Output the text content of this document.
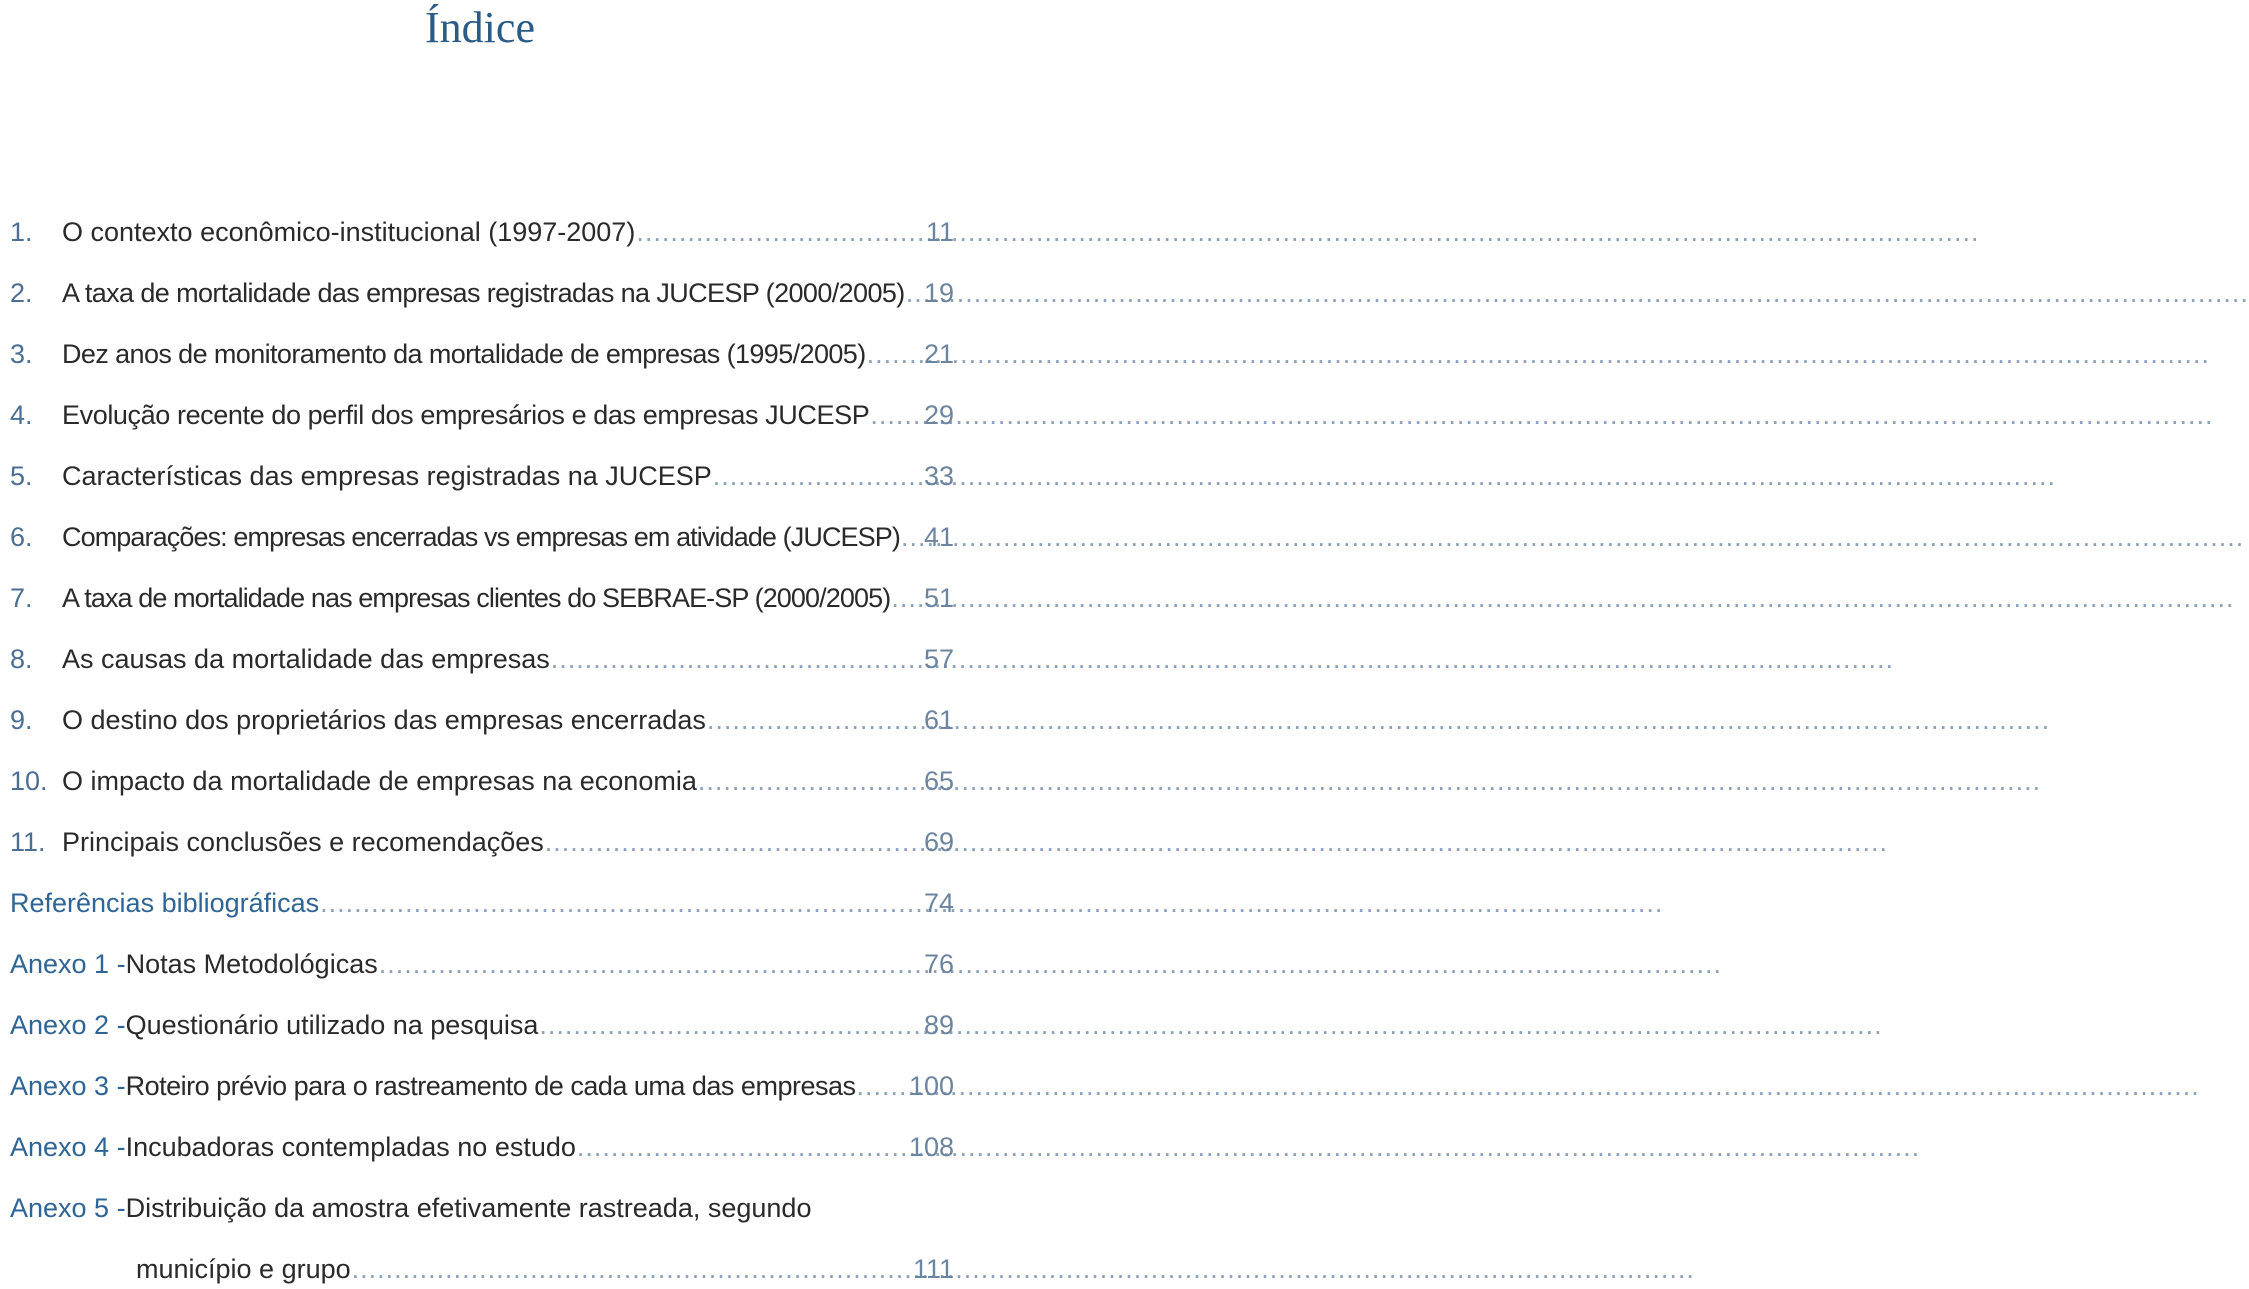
Índice
1.	O contexto econômico-institucional (1997-2007) .....	11
2.	A taxa de mortalidade das empresas registradas na JUCESP (2000/2005) ..... 19
3.	Dez anos de monitoramento da mortalidade de empresas (1995/2005) ..... 21
4.	Evolução recente do perfil dos empresários e das empresas JUCESP ..... 29
5.	Características das empresas registradas na JUCESP .....	33
6.	Comparações: empresas encerradas vs empresas em atividade (JUCESP) ..... 41
7.	A taxa de mortalidade nas empresas clientes do SEBRAE-SP (2000/2005) ..... 51
8.	As causas da mortalidade das empresas .....	57
9.	O destino dos proprietários das empresas encerradas .....	61
10. O impacto da mortalidade de empresas na economia .....	65
11. Principais conclusões e recomendações .....	69
Referências bibliográficas .....	74
Anexo 1 - Notas Metodológicas .....	76
Anexo 2 - Questionário utilizado na pesquisa .....	89
Anexo 3 - Roteiro prévio para o rastreamento de cada uma das empresas ..... 100
Anexo 4 - Incubadoras contempladas no estudo .....	108
Anexo 5 - Distribuição da amostra efetivamente rastreada, segundo
município e grupo .....	111
